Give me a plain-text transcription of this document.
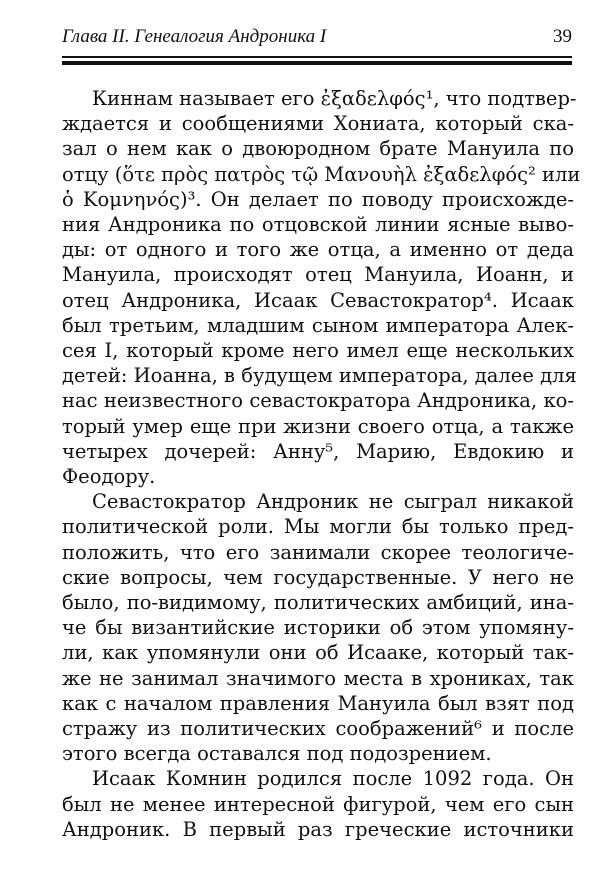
Глава II. Генеалогия Андроника I	39
Киннам называет его ἐξαδελφός¹, что подтвер-
ждается и сообщениями Хониата, который ска-
зал о нем как о двоюродном брате Мануила по
отцу (ὅτε πρὸς πατρὸς τῷ Μανουὴλ ἐξαδελφός² или
ὁ Κομνηνός)³. Он делает по поводу происхожде-
ния Андроника по отцовской линии ясные выво-
ды: от одного и того же отца, а именно от деда
Мануила, происходят отец Мануила, Иоанн, и
отец Андроника, Исаак Севастократор⁴. Исаак
был третьим, младшим сыном императора Алек-
сея I, который кроме него имел еще нескольких
детей: Иоанна, в будущем императора, далее для
нас неизвестного севастократора Андроника, ко-
торый умер еще при жизни своего отца, а также
четырех дочерей: Анну⁵, Марию, Евдокию и
Феодору.
Севастократор Андроник не сыграл никакой
политической роли. Мы могли бы только пред-
положить, что его занимали скорее теологиче-
ские вопросы, чем государственные. У него не
было, по-видимому, политических амбиций, ина-
че бы византийские историки об этом упомяну-
ли, как упомянули они об Исааке, который так-
же не занимал значимого места в хрониках, так
как с началом правления Мануила был взят под
стражу из политических соображений⁶ и после
этого всегда оставался под подозрением.
Исаак Комнин родился после 1092 года. Он
был не менее интересной фигурой, чем его сын
Андроник. В первый раз греческие источники
